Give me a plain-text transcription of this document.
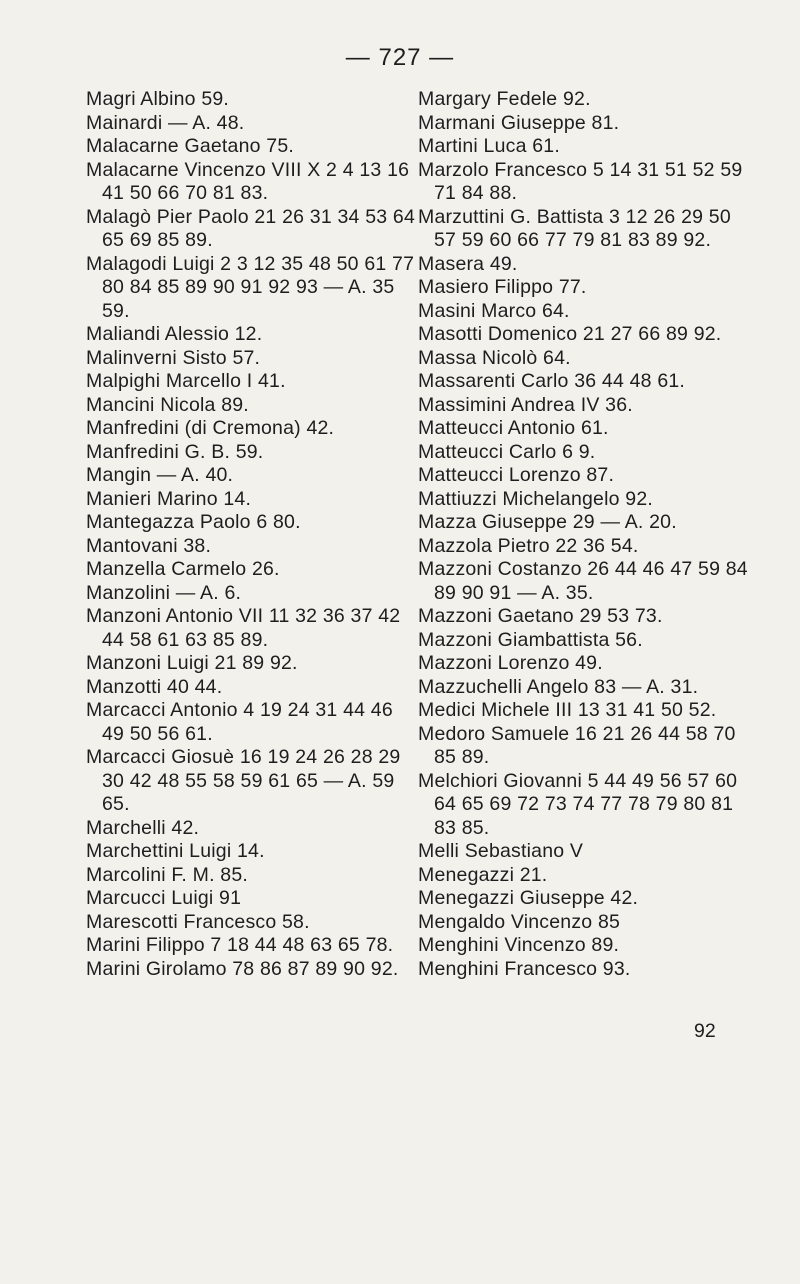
— 727 —
Magri Albino 59.
Mainardi — A. 48.
Malacarne Gaetano 75.
Malacarne Vincenzo VIII X 2 4 13 16 41 50 66 70 81 83.
Malagò Pier Paolo 21 26 31 34 53 64 65 69 85 89.
Malagodi Luigi 2 3 12 35 48 50 61 77 80 84 85 89 90 91 92 93 — A. 35 59.
Maliandi Alessio 12.
Malinverni Sisto 57.
Malpighi Marcello I 41.
Mancini Nicola 89.
Manfredini (di Cremona) 42.
Manfredini G. B. 59.
Mangin — A. 40.
Manieri Marino 14.
Mantegazza Paolo 6 80.
Mantovani 38.
Manzella Carmelo 26.
Manzolini — A. 6.
Manzoni Antonio VII 11 32 36 37 42 44 58 61 63 85 89.
Manzoni Luigi 21 89 92.
Manzotti 40 44.
Marcacci Antonio 4 19 24 31 44 46 49 50 56 61.
Marcacci Giosuè 16 19 24 26 28 29 30 42 48 55 58 59 61 65 — A. 59 65.
Marchelli 42.
Marchettini Luigi 14.
Marcolini F. M. 85.
Marcucci Luigi 91
Marescotti Francesco 58.
Marini Filippo 7 18 44 48 63 65 78.
Marini Girolamo 78 86 87 89 90 92.
Margary Fedele 92.
Marmani Giuseppe 81.
Martini Luca 61.
Marzolo Francesco 5 14 31 51 52 59 71 84 88.
Marzuttini G. Battista 3 12 26 29 50 57 59 60 66 77 79 81 83 89 92.
Masera 49.
Masiero Filippo 77.
Masini Marco 64.
Masotti Domenico 21 27 66 89 92.
Massa Nicolò 64.
Massarenti Carlo 36 44 48 61.
Massimini Andrea IV 36.
Matteucci Antonio 61.
Matteucci Carlo 6 9.
Matteucci Lorenzo 87.
Mattiuzzi Michelangelo 92.
Mazza Giuseppe 29 — A. 20.
Mazzola Pietro 22 36 54.
Mazzoni Costanzo 26 44 46 47 59 84 89 90 91 — A. 35.
Mazzoni Gaetano 29 53 73.
Mazzoni Giambattista 56.
Mazzoni Lorenzo 49.
Mazzuchelli Angelo 83 — A. 31.
Medici Michele III 13 31 41 50 52.
Medoro Samuele 16 21 26 44 58 70 85 89.
Melchiori Giovanni 5 44 49 56 57 60 64 65 69 72 73 74 77 78 79 80 81 83 85.
Melli Sebastiano V
Menegazzi 21.
Menegazzi Giuseppe 42.
Mengaldo Vincenzo 85
Menghini Vincenzo 89.
Menghini Francesco 93.
92
